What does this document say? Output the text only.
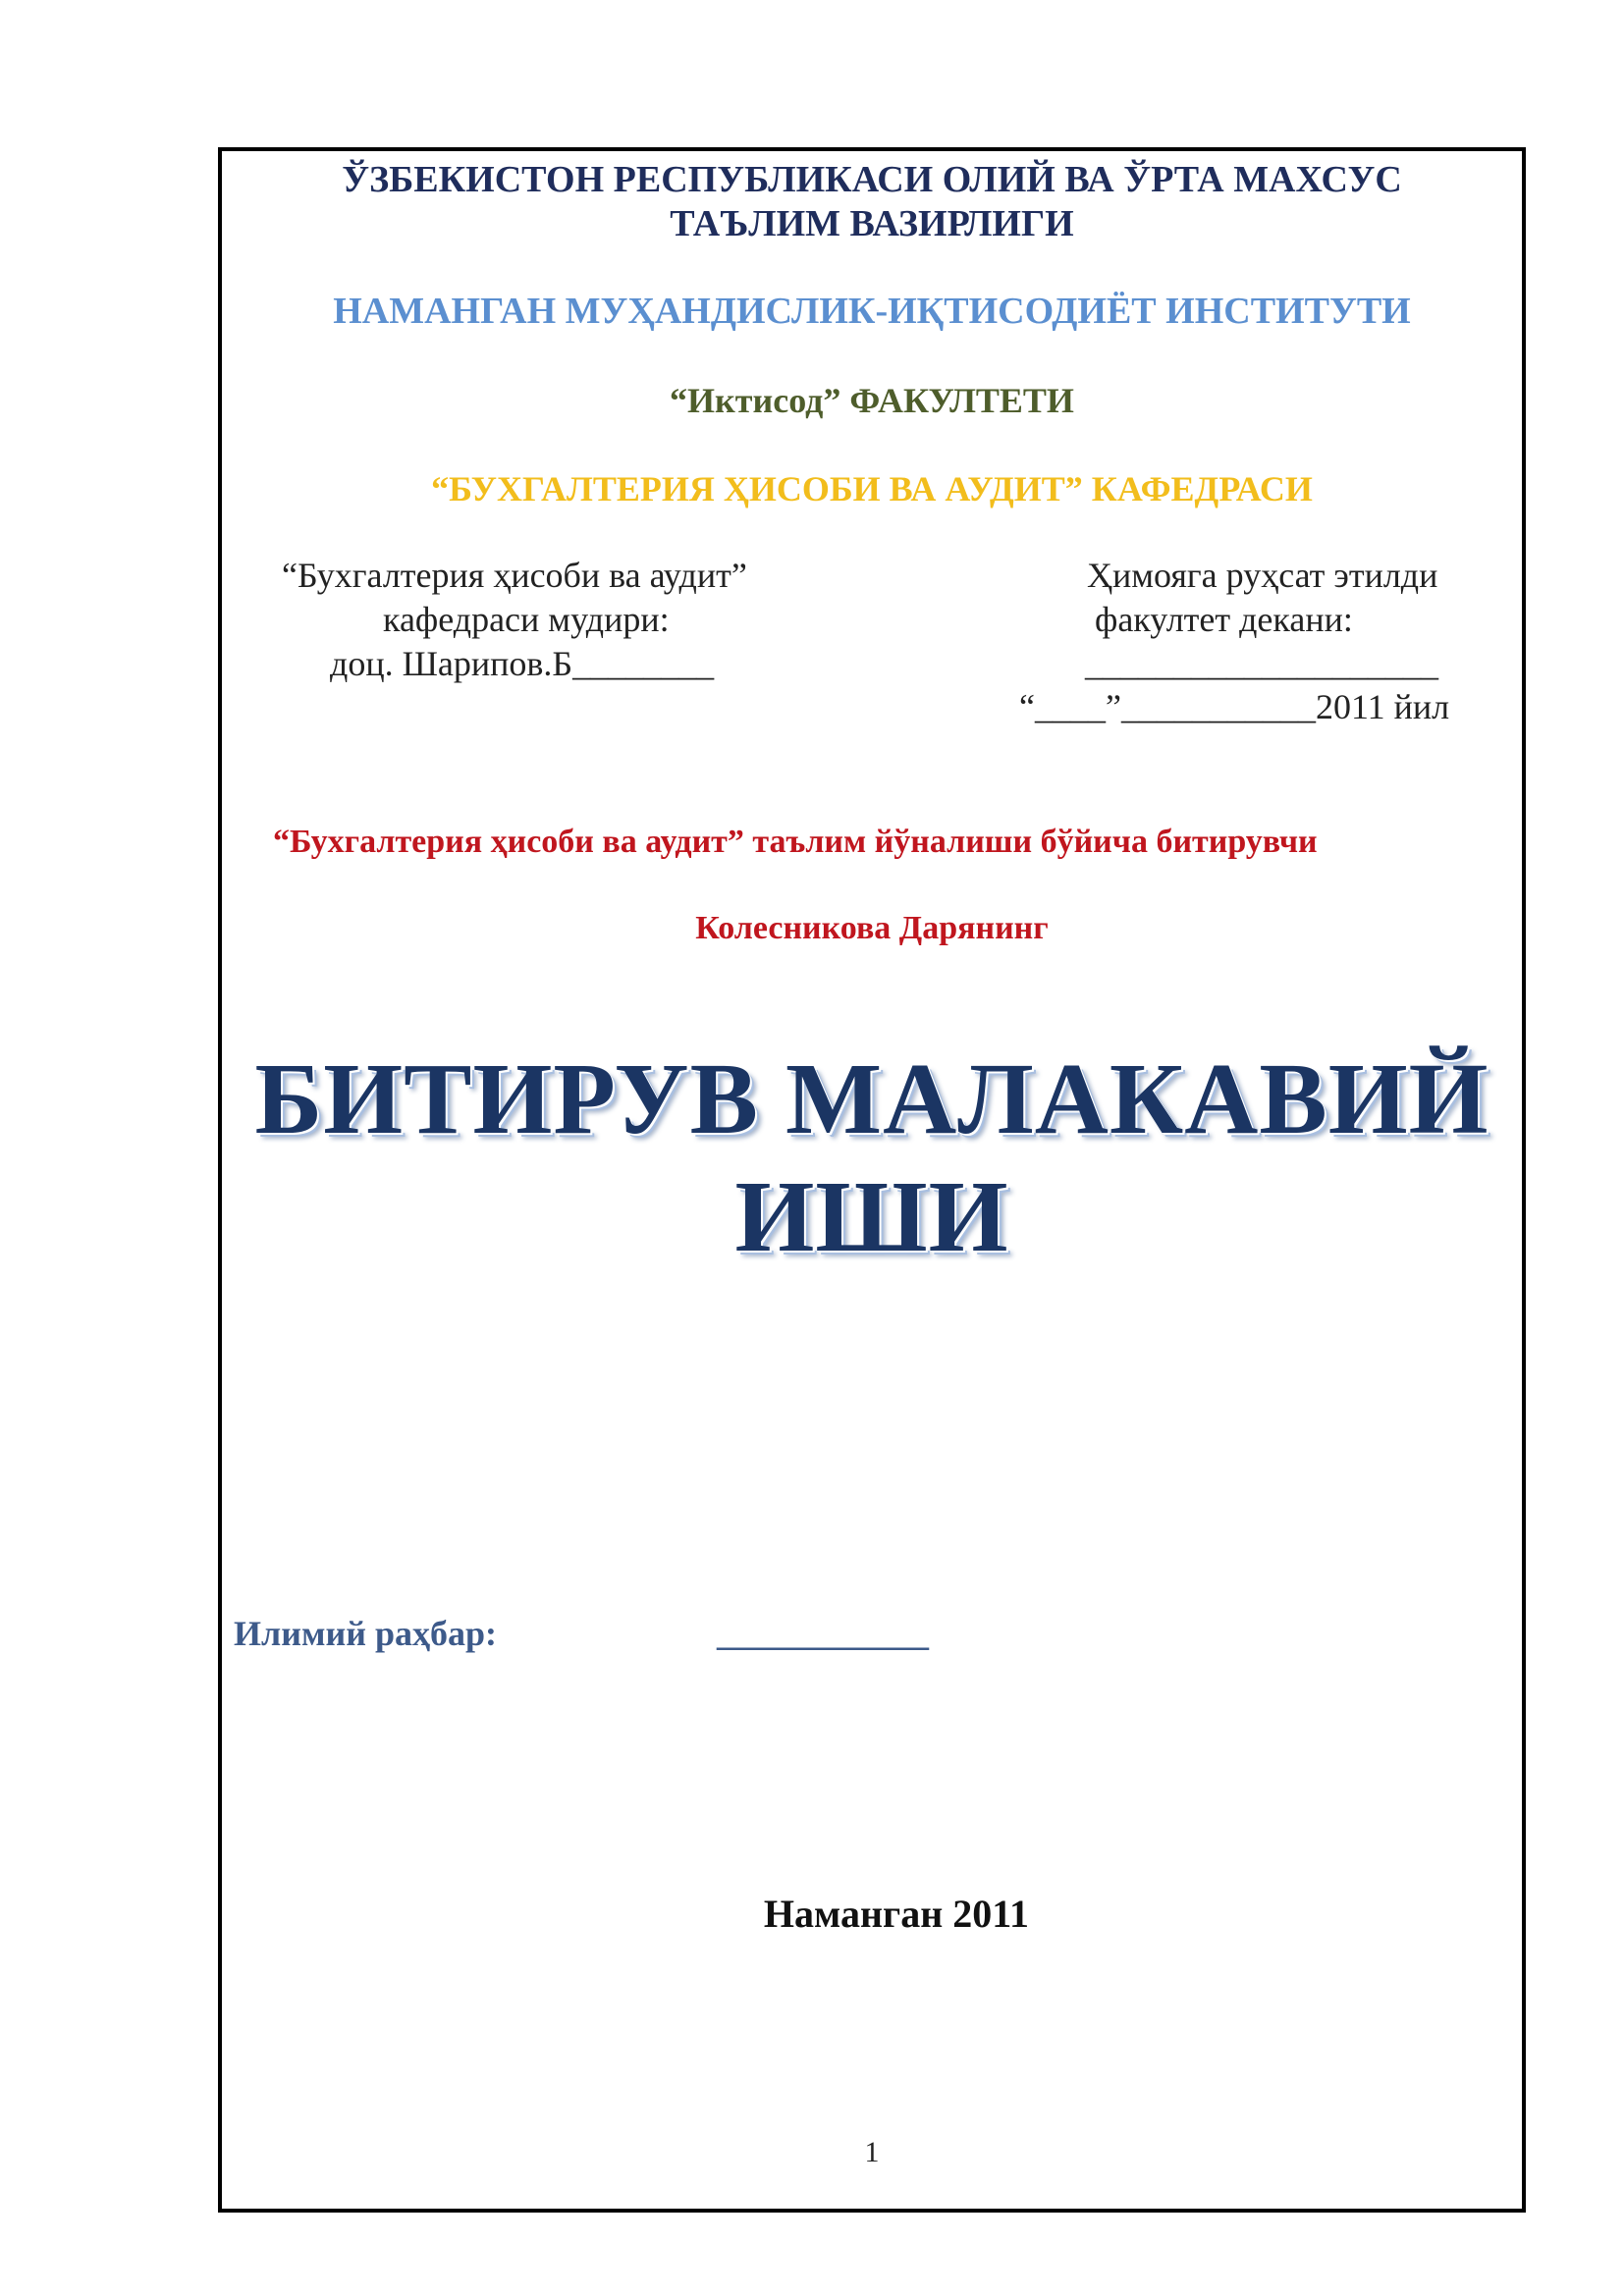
ЎЗБЕКИСТОН РЕСПУБЛИКАСИ ОЛИЙ ВА ЎРТА МАХСУС
ТАЪЛИМ ВАЗИРЛИГИ
НАМАНГАН МУҲАНДИСЛИК-ИҚТИСОДИЁТ ИНСТИТУТИ
“Иктисод” ФАКУЛТЕТИ
“БУХГАЛТЕРИЯ ҲИСОБИ ВА АУДИТ” КАФЕДРАСИ
“Бухгалтерия ҳисоби ва аудит”
кафедраси мудири:
доц. Шарипов.Б________
Ҳимояга руҳсат этилди
факултет декани:
____________________
“____”___________2011 йил
“Бухгалтерия ҳисоби ва аудит” таълим йўналиши бўйича битирувчи
Колесникова Дарянинг
БИТИРУВ МАЛАКАВИЙ
ИШИ
Илимий раҳбар:	____________
Наманган 2011
1
